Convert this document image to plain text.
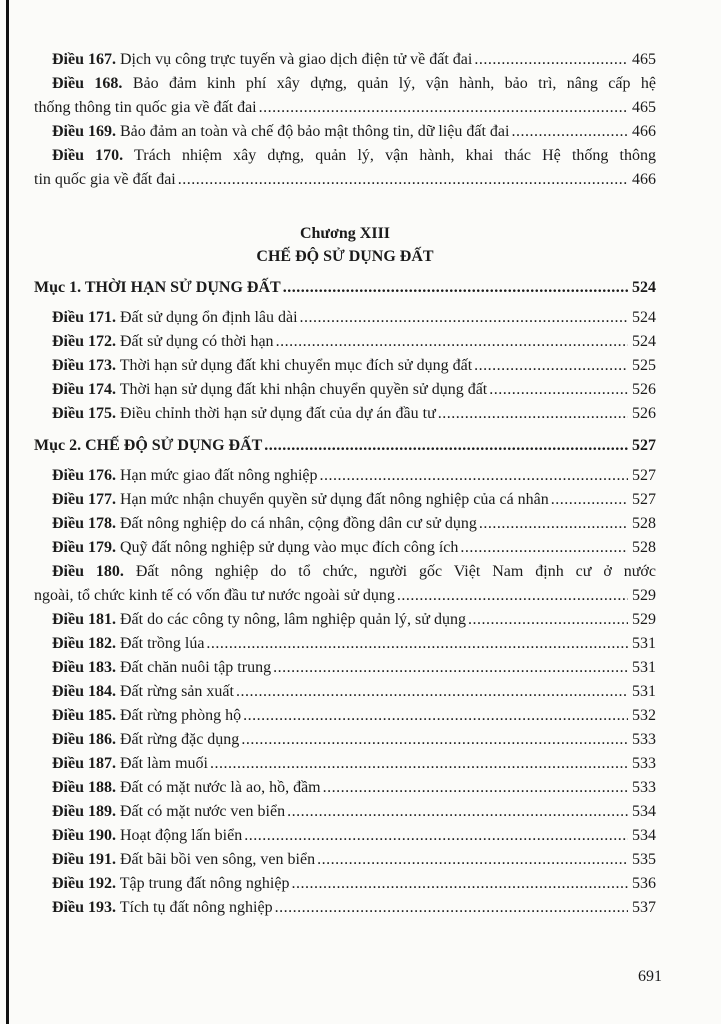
Điều 167. Dịch vụ công trực tuyến và giao dịch điện tử về đất đai .....	465
Điều 168. Bảo đảm kinh phí xây dựng, quản lý, vận hành, bảo trì, nâng cấp hệ
thống thông tin quốc gia về đất đai .....	465
Điều 169. Bảo đảm an toàn và chế độ bảo mật thông tin, dữ liệu đất đai .....	466
Điều 170. Trách nhiệm xây dựng, quản lý, vận hành, khai thác Hệ thống thông
tin quốc gia về đất đai .....	466
Chương XIII
CHẾ ĐỘ SỬ DỤNG ĐẤT
Mục 1. THỜI HẠN SỬ DỤNG ĐẤT .....	524
Điều 171. Đất sử dụng ổn định lâu dài .....	524
Điều 172. Đất sử dụng có thời hạn .....	524
Điều 173. Thời hạn sử dụng đất khi chuyển mục đích sử dụng đất .....	525
Điều 174. Thời hạn sử dụng đất khi nhận chuyển quyền sử dụng đất .....	526
Điều 175. Điều chỉnh thời hạn sử dụng đất của dự án đầu tư .....	526
Mục 2. CHẾ ĐỘ SỬ DỤNG ĐẤT .....	527
Điều 176. Hạn mức giao đất nông nghiệp .....	527
Điều 177. Hạn mức nhận chuyển quyền sử dụng đất nông nghiệp của cá nhân .....	527
Điều 178. Đất nông nghiệp do cá nhân, cộng đồng dân cư sử dụng .....	528
Điều 179. Quỹ đất nông nghiệp sử dụng vào mục đích công ích .....	528
Điều 180. Đất nông nghiệp do tổ chức, người gốc Việt Nam định cư ở nước
ngoài, tổ chức kinh tế có vốn đầu tư nước ngoài sử dụng .....	529
Điều 181. Đất do các công ty nông, lâm nghiệp quản lý, sử dụng .....	529
Điều 182. Đất trồng lúa .....	531
Điều 183. Đất chăn nuôi tập trung .....	531
Điều 184. Đất rừng sản xuất .....	531
Điều 185. Đất rừng phòng hộ .....	532
Điều 186. Đất rừng đặc dụng .....	533
Điều 187. Đất làm muối .....	533
Điều 188. Đất có mặt nước là ao, hồ, đầm .....	533
Điều 189. Đất có mặt nước ven biển .....	534
Điều 190. Hoạt động lấn biển .....	534
Điều 191. Đất bãi bồi ven sông, ven biển .....	535
Điều 192. Tập trung đất nông nghiệp .....	536
Điều 193. Tích tụ đất nông nghiệp .....	537
691
